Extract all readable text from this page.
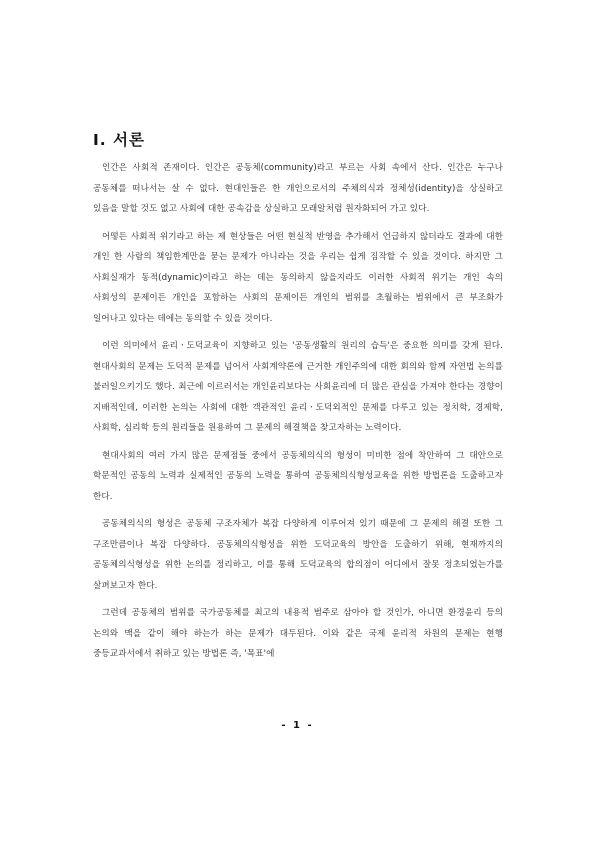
Ⅰ. 서론

인간은 사회적 존재이다. 인간은 공동체(community)라고 부르는 사회 속에서 산다. 인간은 누구나 공동체를 떠나서는 살 수 없다. 현대인들은 한 개인으로서의 주체의식과 정체성(identity)을 상실하고 있음을 말할 것도 없고 사회에 대한 공속감을 상실하고 모래알처럼 원자화되어 가고 있다.

어떻든 사회적 위기라고 하는 제 현상들은 어떤 현실적 반영을 추가해서 언급하지 않더라도 결과에 대한 개인 한 사람의 책임한계만을 묻는 문제가 아니라는 것을 우리는 쉽게 짐작할 수 있을 것이다. 하지만 그 사회실재가 동적(dynamic)이라고 하는 데는 동의하지 않을지라도 이러한 사회적 위기는 개인 속의 사회성의 문제이든 개인을 포함하는 사회의 문제이든 개인의 범위를 초월하는 범위에서 큰 부조화가 일어나고 있다는 데에는 동의할 수 있을 것이다.

이런 의미에서 윤리ㆍ도덕교육이 지향하고 있는 '공동생활의 원리의 습득'은 중요한 의미를 갖게 된다. 현대사회의 문제는 도덕적 문제를 넘어서 사회계약론에 근거한 개인주의에 대한 회의와 함께 자연법 논의를 불러일으키기도 했다. 최근에 이르러서는 개인윤리보다는 사회윤리에 더 많은 관심을 가져야 한다는 경향이 지배적인데, 이러한 논의는 사회에 대한 객관적인 윤리ㆍ도덕외적인 문제를 다루고 있는 정치학, 경제학, 사회학, 심리학 등의 원리들을 원용하여 그 문제의 해결책을 찾고자하는 노력이다.

현대사회의 여러 가지 많은 문제점들 중에서 공동체의식의 형성이 미비한 점에 착안하여 그 대안으로 학문적인 공동의 노력과 실제적인 공동의 노력을 통하여 공동체의식형성교육을 위한 방법론을 도출하고자 한다.

공동체의식의 형성은 공동체 구조자체가 복잡 다양하게 이루어져 있기 때문에 그 문제의 해결 또한 그 구조만큼이나 복잡 다양하다. 공동체의식형성을 위한 도덕교육의 방안을 도출하기 위해, 현재까지의 공동체의식형성을 위한 논의를 정리하고, 이를 통해 도덕교육의 합의점이 어디에서 잘못 정초되었는가를 살펴보고자 한다.

그런데 공동체의 범위를 국가공동체를 최고의 내용적 범주로 삼아야 할 것인가, 아니면 환경윤리 등의 논의와 맥을 같이 해야 하는가 하는 문제가 대두된다. 이와 같은 국제 윤리적 차원의 문제는 현행 중등교과서에서 취하고 있는 방법론 즉, '목표'에

- 1 -
